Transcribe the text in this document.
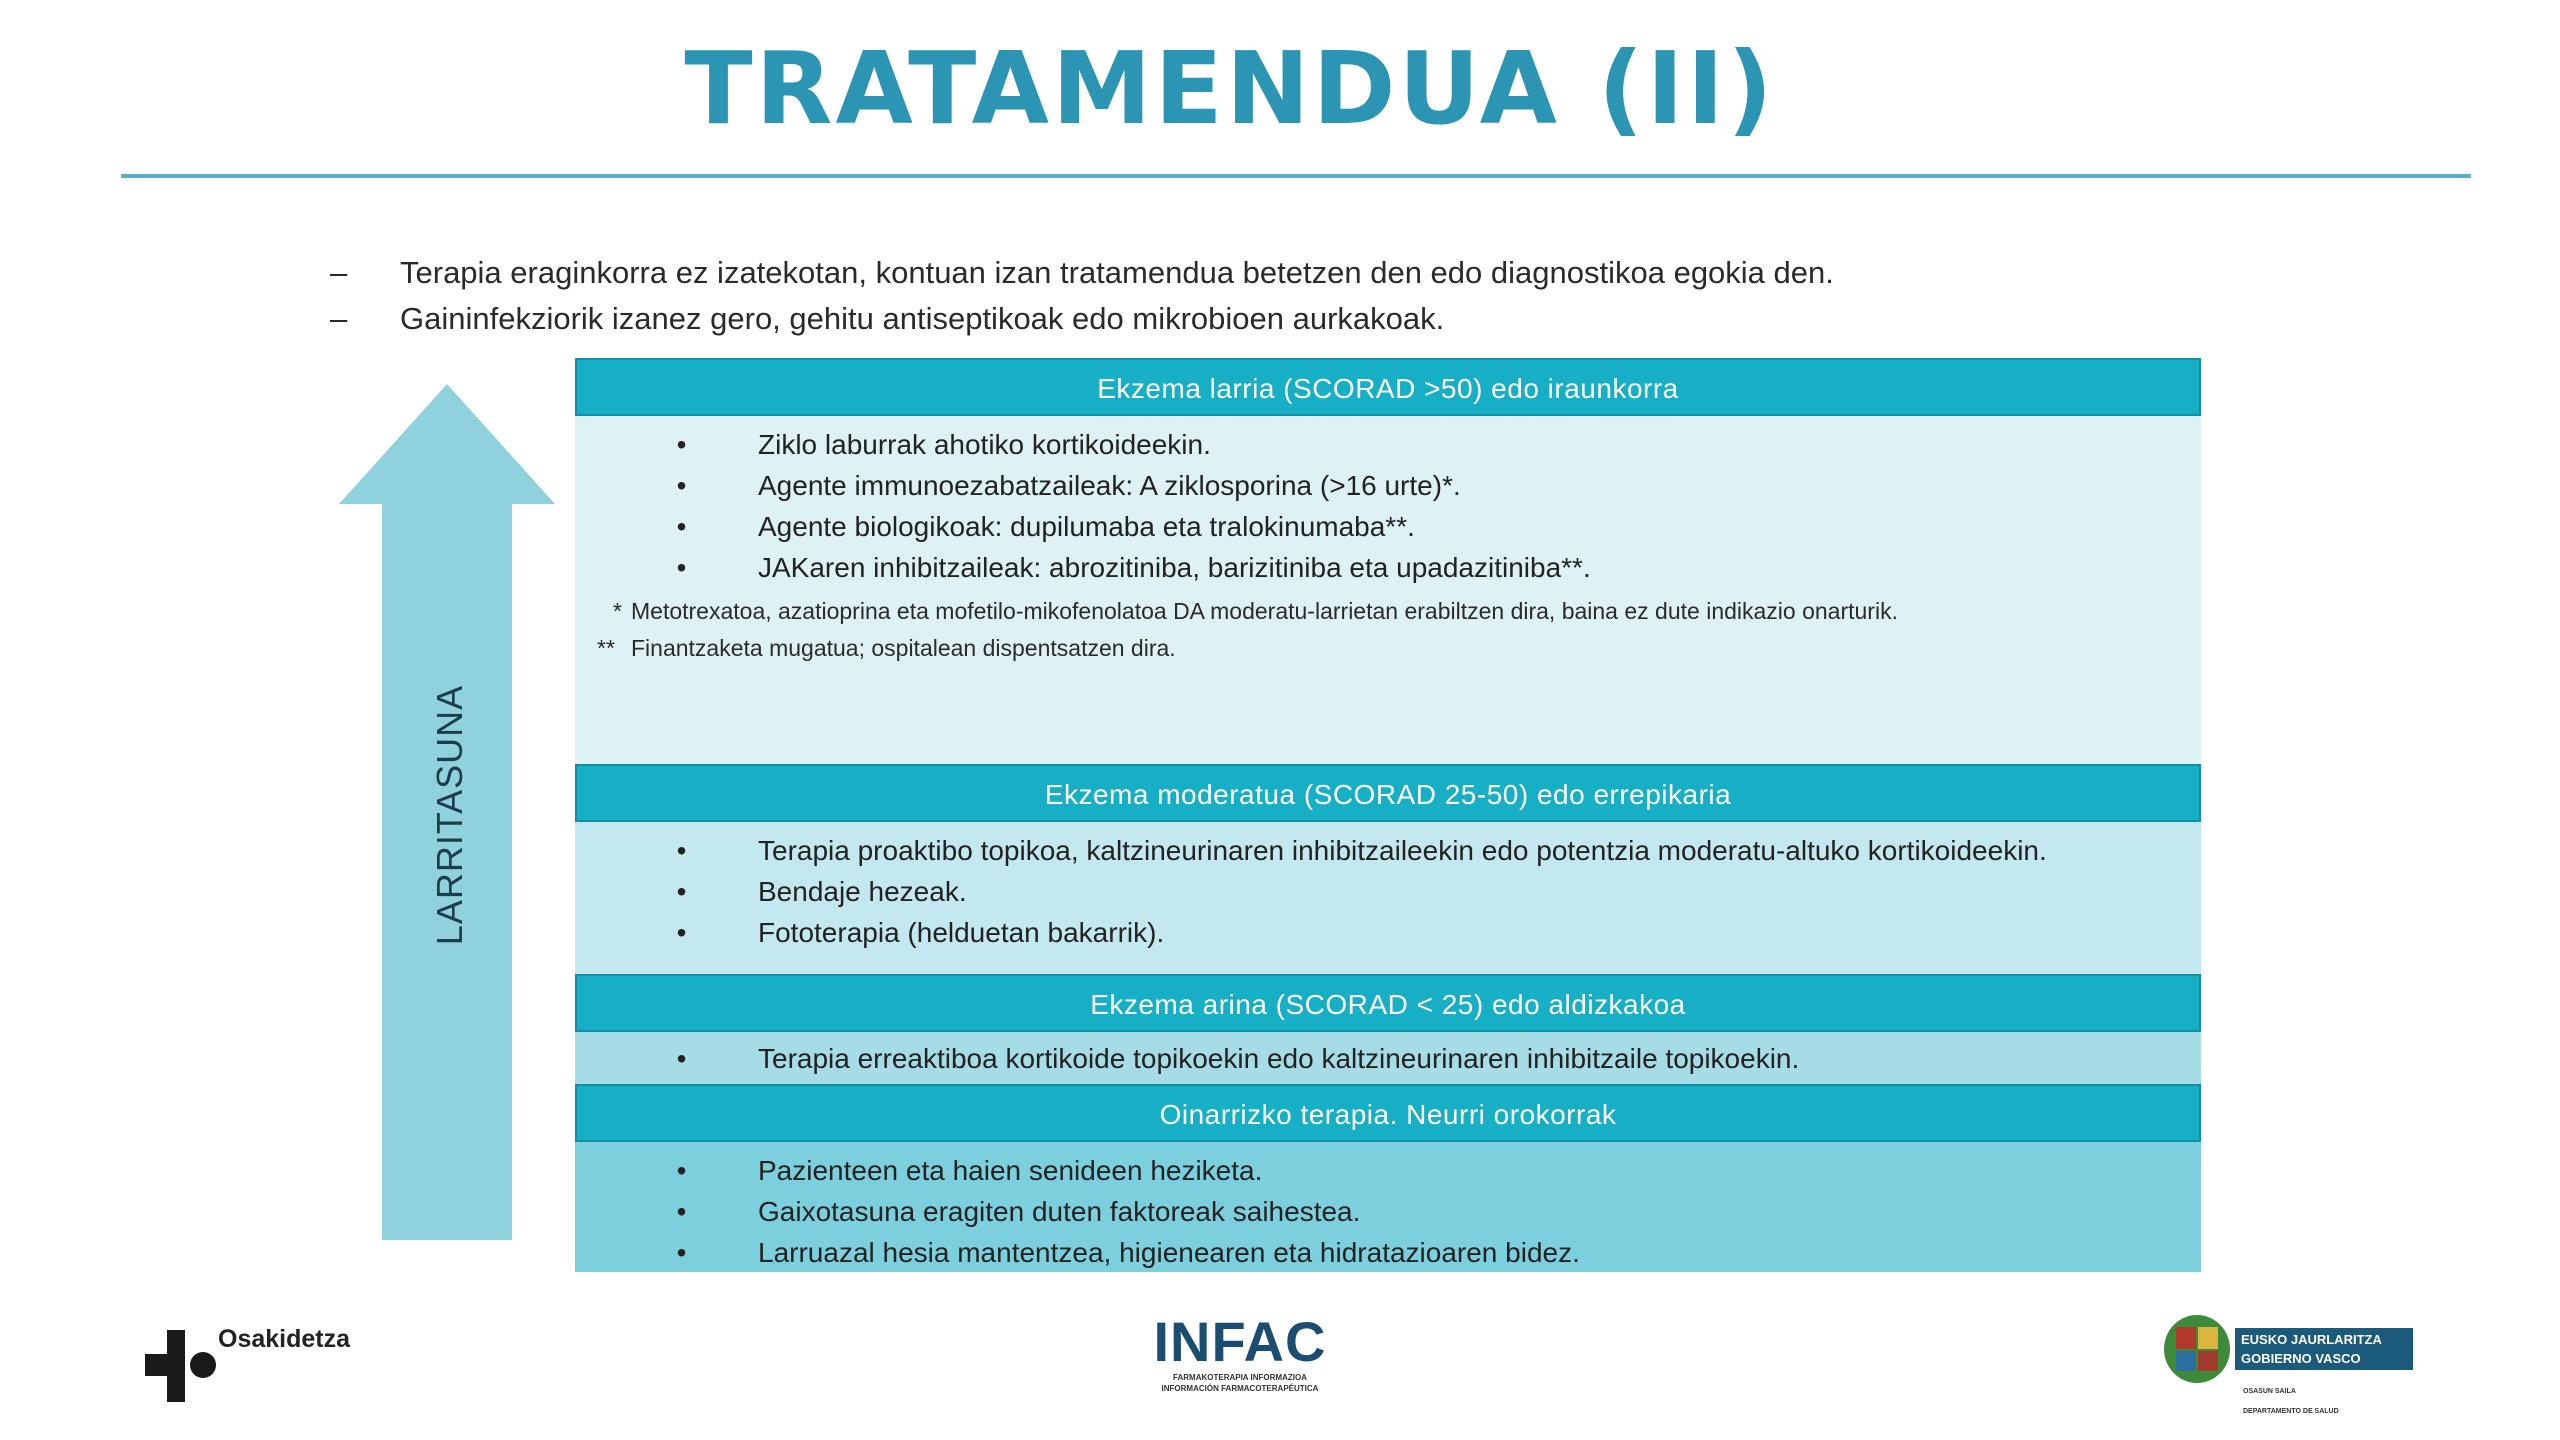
TRATAMENDUA (II)
–	Terapia eraginkorra ez izatekotan, kontuan izan tratamendua betetzen den edo diagnostikoa egokia den.
–	Gaininfekziorik izanez gero, gehitu antiseptikoak edo mikrobioen aurkakoak.
LARRITASUNA
Ekzema larria (SCORAD >50) edo iraunkorra
•	Ziklo laburrak ahotiko kortikoideekin.
•	Agente immunoezabatzaileak: A ziklosporina (>16 urte)*.
•	Agente biologikoak: dupilumaba eta tralokinumaba**.
•	JAKaren inhibitzaileak: abrozitiniba, barizitiniba eta upadazitiniba**.
* Metotrexatoa, azatioprina eta mofetilo-mikofenolatoa DA moderatu-larrietan erabiltzen dira, baina ez dute indikazio onarturik.
** Finantzaketa mugatua; ospitalean dispentsatzen dira.
Ekzema moderatua (SCORAD 25-50) edo errepikaria
•	Terapia proaktibo topikoa, kaltzineurinaren inhibitzaileekin edo potentzia moderatu-altuko kortikoideekin.
•	Bendaje hezeak.
•	Fototerapia (helduetan bakarrik).
Ekzema arina (SCORAD < 25) edo aldizkakoa
•	Terapia erreaktiboa kortikoide topikoekin edo kaltzineurinaren inhibitzaile topikoekin.
Oinarrizko terapia. Neurri orokorrak
•	Pazienteen eta haien senideen heziketa.
•	Gaixotasuna eragiten duten faktoreak saihestea.
•	Larruazal hesia mantentzea, higienearen eta hidratazioaren bidez.
Osakidetza	INFAC
FARMAKOTERAPIA INFORMAZIOA
INFORMACIÓN FARMACOTERAPÉUTICA
EUSKO JAURLARITZA
GOBIERNO VASCO
OSASUN SAILA
DEPARTAMENTO DE SALUD
